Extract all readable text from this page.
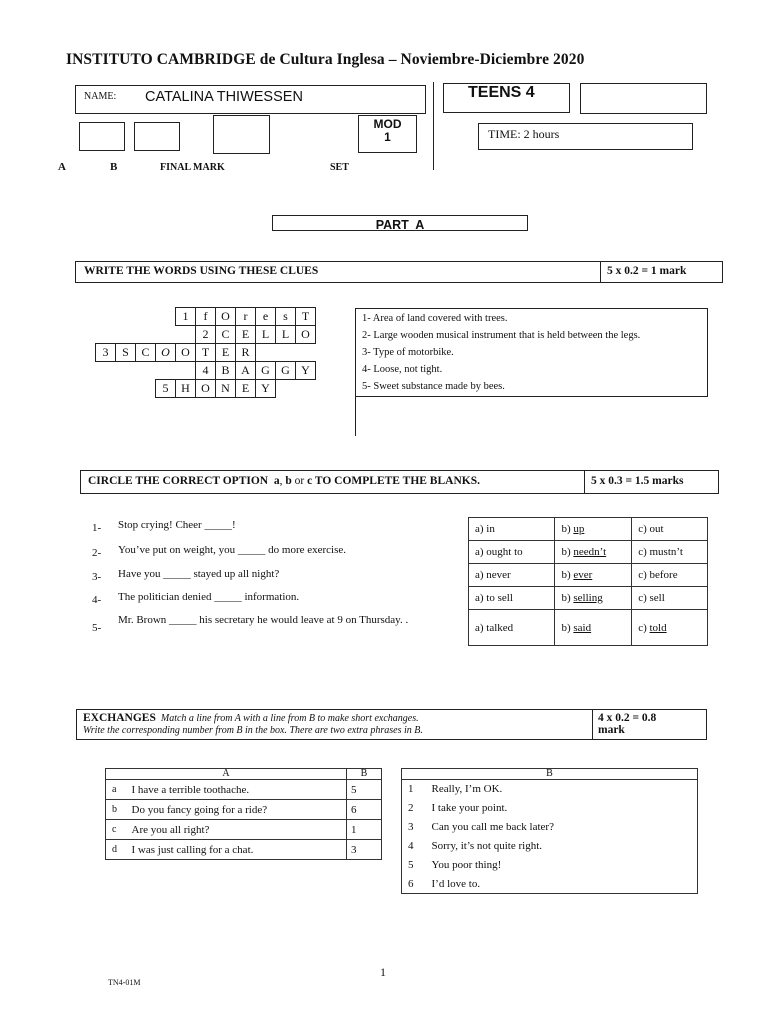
INSTITUTO CAMBRIDGE de Cultura Inglesa – Noviembre-Diciembre 2020
NAME: CATALINA THIWESSEN	TEENS 4
MOD
1	TIME: 2 hours
A	B	FINAL MARK	SET
PART  A
WRITE THE WORDS USING THESE CLUES	5 x 0.2 = 1 mark
				1	f	O	r	e	s	T	
					2	C	E	L	L	O	
3	S	C	O	O	T	E	R				
					4	B	A	G	G	Y	
			5	H	O	N	E	Y			
1- Area of land covered with trees.
2- Large wooden musical instrument that is held between the legs.
3- Type of motorbike.
4- Loose, not tight.
5- Sweet substance made by bees.
CIRCLE THE CORRECT OPTION a, b or c TO COMPLETE THE BLANKS.	5 x 0.3 = 1.5 marks
1- Stop crying! Cheer _____!
2- You’ve put on weight, you _____ do more exercise.
3- Have you _____ stayed up all night?
4- The politician denied _____ information.
5-
Mr. Brown _____ his secretary he would leave at 9 on Thursday. .
a) in	b) up	c) out
a) ought to	b) needn’t	c) mustn’t
a) never	b) ever	c) before
a) to sell	b) selling	c) sell
a) talked	b) said	c) told
EXCHANGES Match a line from A with a line from B to make short exchanges.
Write the corresponding number from B in the box. There are two extra phrases in B.
4 x 0.2 = 0.8
mark
A		B
a	I have a terrible toothache.	5
b	Do you fancy going for a ride?	6
c	Are you all right?	1
d	I was just calling for a chat.	3
B	
1	Really, I’m OK.
2	I take your point.
3	Can you call me back later?
4	Sorry, it’s not quite right.
5	You poor thing!
6	I’d love to.
1
TN4-01M
